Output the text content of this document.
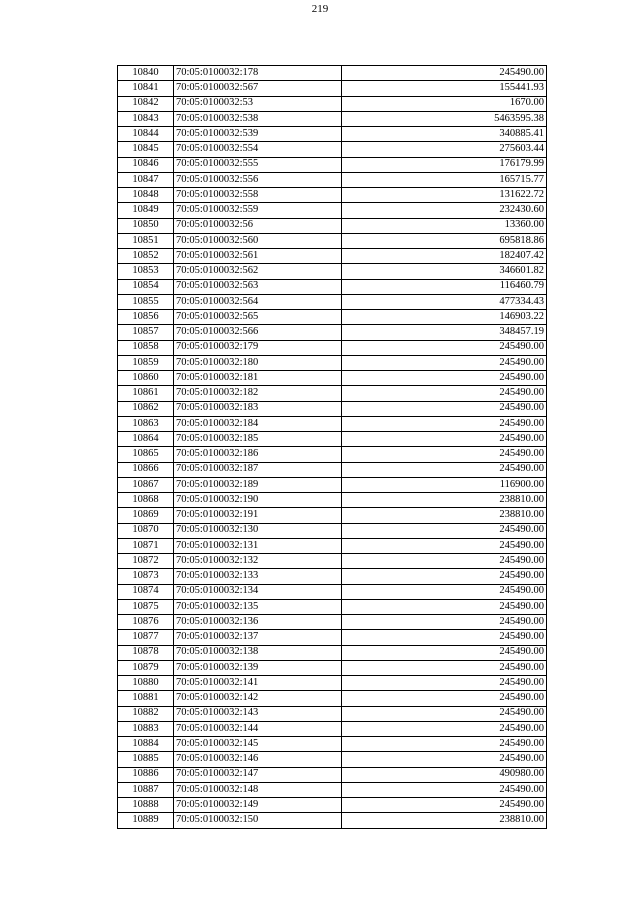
219
10840	70:05:0100032:178	245490.00
10841	70:05:0100032:567	155441.93
10842	70:05:0100032:53	1670.00
10843	70:05:0100032:538	5463595.38
10844	70:05:0100032:539	340885.41
10845	70:05:0100032:554	275603.44
10846	70:05:0100032:555	176179.99
10847	70:05:0100032:556	165715.77
10848	70:05:0100032:558	131622.72
10849	70:05:0100032:559	232430.60
10850	70:05:0100032:56	13360.00
10851	70:05:0100032:560	695818.86
10852	70:05:0100032:561	182407.42
10853	70:05:0100032:562	346601.82
10854	70:05:0100032:563	116460.79
10855	70:05:0100032:564	477334.43
10856	70:05:0100032:565	146903.22
10857	70:05:0100032:566	348457.19
10858	70:05:0100032:179	245490.00
10859	70:05:0100032:180	245490.00
10860	70:05:0100032:181	245490.00
10861	70:05:0100032:182	245490.00
10862	70:05:0100032:183	245490.00
10863	70:05:0100032:184	245490.00
10864	70:05:0100032:185	245490.00
10865	70:05:0100032:186	245490.00
10866	70:05:0100032:187	245490.00
10867	70:05:0100032:189	116900.00
10868	70:05:0100032:190	238810.00
10869	70:05:0100032:191	238810.00
10870	70:05:0100032:130	245490.00
10871	70:05:0100032:131	245490.00
10872	70:05:0100032:132	245490.00
10873	70:05:0100032:133	245490.00
10874	70:05:0100032:134	245490.00
10875	70:05:0100032:135	245490.00
10876	70:05:0100032:136	245490.00
10877	70:05:0100032:137	245490.00
10878	70:05:0100032:138	245490.00
10879	70:05:0100032:139	245490.00
10880	70:05:0100032:141	245490.00
10881	70:05:0100032:142	245490.00
10882	70:05:0100032:143	245490.00
10883	70:05:0100032:144	245490.00
10884	70:05:0100032:145	245490.00
10885	70:05:0100032:146	245490.00
10886	70:05:0100032:147	490980.00
10887	70:05:0100032:148	245490.00
10888	70:05:0100032:149	245490.00
10889	70:05:0100032:150	238810.00
